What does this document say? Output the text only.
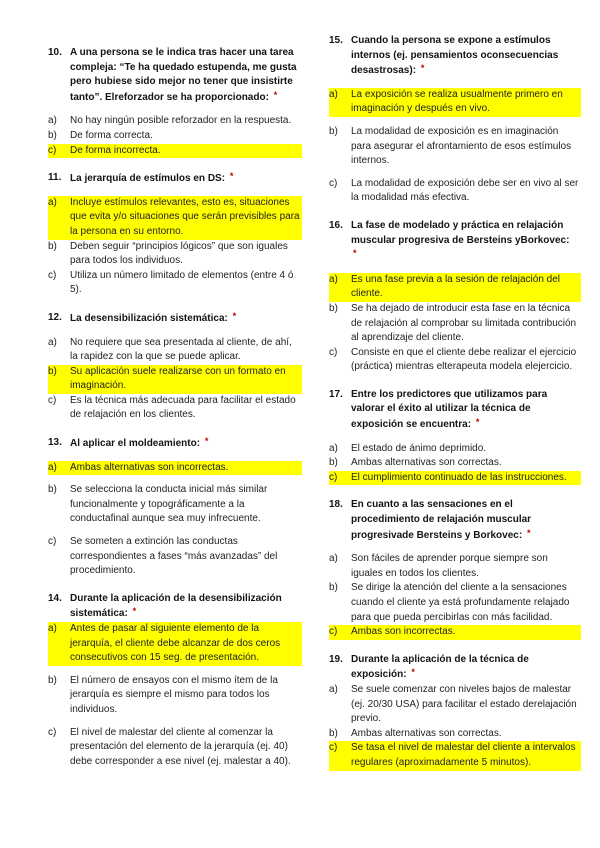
10. A una persona se le indica tras hacer una tarea compleja: “Te ha quedado estupenda, me gusta pero hubiese sido mejor no tener que insistirte tanto”. Elreforzador se ha proporcionado: *
a)	No hay ningún posible reforzador en la respuesta.
b)	De forma correcta.
c)	De forma incorrecta.
11. La jerarquía de estímulos en DS: *
a)	Incluye estímulos relevantes, esto es, situaciones que evita y/o situaciones que serán previsibles para la persona en su entorno.
b)	Deben seguir “principios lógicos” que son iguales para todos los individuos.
c)	Utiliza un número limitado de elementos (entre 4 ó 5).
12. La desensibilización sistemática: *
a)	No requiere que sea presentada al cliente, de ahí, la rapidez con la que se puede aplicar.
b)	Su aplicación suele realizarse con un formato en imaginación.
c)	Es la técnica más adecuada para facilitar el estado de relajación en los clientes.
13. Al aplicar el moldeamiento: *
a)	Ambas alternativas son incorrectas.
b)	Se selecciona la conducta inicial más similar funcionalmente y topográficamente a la conductafinal aunque sea muy infrecuente.
c)	Se someten a extinción las conductas correspondientes a fases “más avanzadas” del procedimiento.
14. Durante la aplicación de la desensibilización sistemática: *
a)	Antes de pasar al siguiente elemento de la jerarquía, el cliente debe alcanzar de dos ceros consecutivos con 15 seg. de presentación.
b)	El número de ensayos con el mismo ítem de la jerarquía es siempre el mismo para todos los individuos.
c)	El nivel de malestar del cliente al comenzar la presentación del elemento de la jerarquía (ej. 40) debe corresponder a ese nivel (ej. malestar a 40).
15. Cuando la persona se expone a estímulos internos (ej. pensamientos oconsecuencias desastrosas): *
a)	La exposición se realiza usualmente primero en imaginación y después en vivo.
b)	La modalidad de exposición es en imaginación para asegurar el afrontamiento de esos estímulos internos.
c)	La modalidad de exposición debe ser en vivo al ser la modalidad más efectiva.
16. La fase de modelado y práctica en relajación muscular progresiva de Bersteins yBorkovec:
*
a)	Es una fase previa a la sesión de relajación del cliente.
b)	Se ha dejado de introducir esta fase en la técnica de relajación al comprobar su limitada contribución al aprendizaje del cliente.
c)	Consiste en que el cliente debe realizar el ejercicio (práctica) mientras elterapeuta modela elejercicio.
17. Entre los predictores que utilizamos para valorar el éxito al utilizar la técnica de exposición se encuentra: *
a)	El estado de ánimo deprimido.
b)	Ambas alternativas son correctas.
c)	El cumplimiento continuado de las instrucciones.
18. En cuanto a las sensaciones en el procedimiento de relajación muscular progresivade Bersteins y Borkovec: *
a)	Son fáciles de aprender porque siempre son iguales en todos los clientes.
b)	Se dirige la atención del cliente a la sensaciones cuando el cliente ya está profundamente relajado para que pueda percibirlas con más facilidad.
c)	Ambas son incorrectas.
19. Durante la aplicación de la técnica de exposición: *
a)	Se suele comenzar con niveles bajos de malestar (ej. 20/30 USA) para facilitar el estado derelajación previo.
b)	Ambas alternativas son correctas.
c)	Se tasa el nivel de malestar del cliente a intervalos regulares (aproximadamente 5 minutos).
